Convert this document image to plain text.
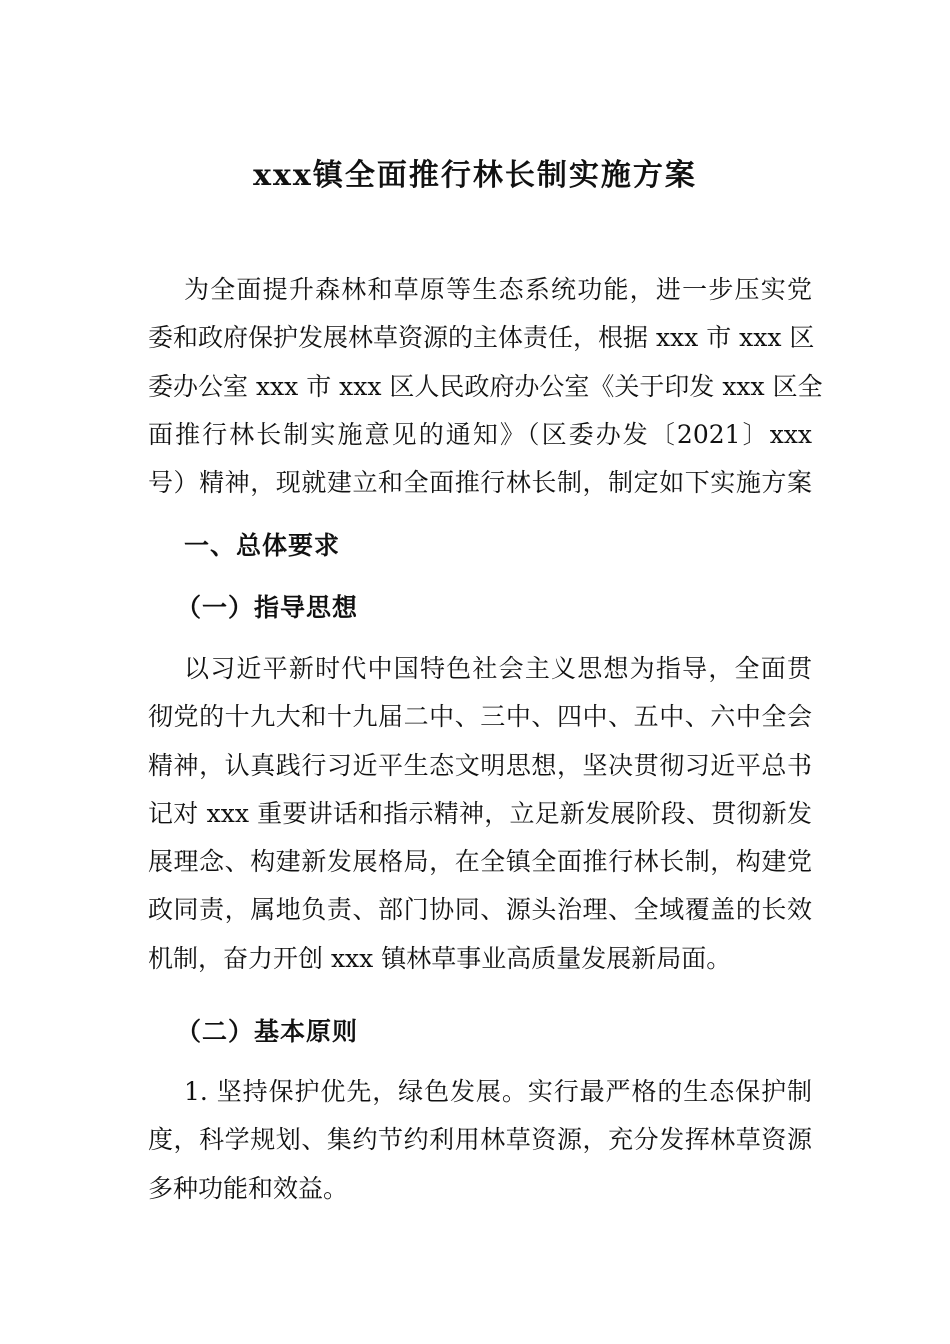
xxx镇全面推行林长制实施方案
为全面提升森林和草原等生态系统功能，进一步压实党
委和政府保护发展林草资源的主体责任，根据 xxx 市 xxx 区
委办公室 xxx 市 xxx 区人民政府办公室《关于印发 xxx 区全
面推行林长制实施意见的通知》（区委办发〔2021〕xxx
号）精神，现就建立和全面推行林长制，制定如下实施方案
一、总体要求
（一）指导思想
以习近平新时代中国特色社会主义思想为指导，全面贯
彻党的十九大和十九届二中、三中、四中、五中、六中全会
精神，认真践行习近平生态文明思想，坚决贯彻习近平总书
记对 xxx 重要讲话和指示精神，立足新发展阶段、贯彻新发
展理念、构建新发展格局，在全镇全面推行林长制，构建党
政同责，属地负责、部门协同、源头治理、全域覆盖的长效
机制，奋力开创 xxx 镇林草事业高质量发展新局面。
（二）基本原则
1. 坚持保护优先，绿色发展。实行最严格的生态保护制
度，科学规划、集约节约利用林草资源，充分发挥林草资源
多种功能和效益。
